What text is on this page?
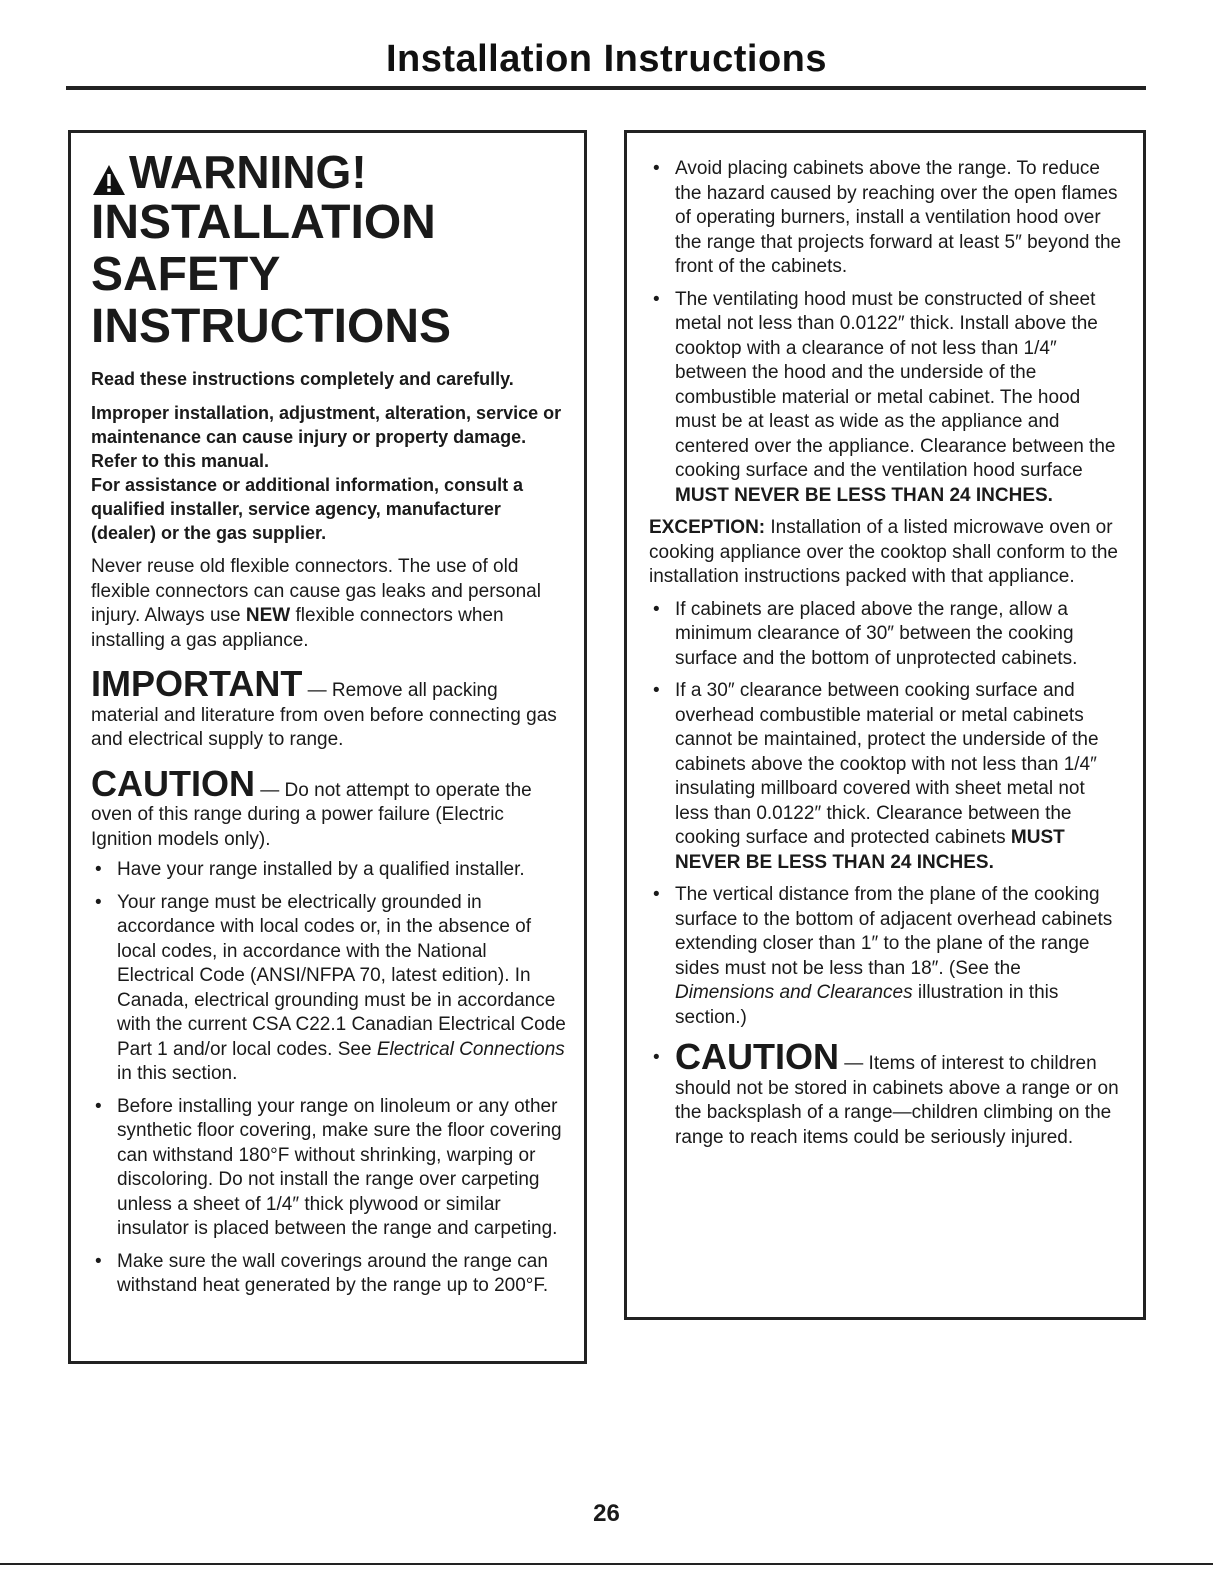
Installation Instructions
WARNING!
INSTALLATION SAFETY
INSTRUCTIONS

Read these instructions completely and carefully.

Improper installation, adjustment, alteration, service or maintenance can cause injury or property damage. Refer to this manual.

For assistance or additional information, consult a qualified installer, service agency, manufacturer (dealer) or the gas supplier.

Never reuse old flexible connectors. The use of old flexible connectors can cause gas leaks and personal injury. Always use NEW flexible connectors when installing a gas appliance.

IMPORTANT — Remove all packing material and literature from oven before connecting gas and electrical supply to range.
CAUTION — Do not attempt to operate the oven of this range during a power failure (Electric Ignition models only).
• Have your range installed by a qualified installer.
• Your range must be electrically grounded in accordance with local codes or, in the absence of local codes, in accordance with the National Electrical Code (ANSI/NFPA 70, latest edition). In Canada, electrical grounding must be in accordance with the current CSA C22.1 Canadian Electrical Code Part 1 and/or local codes. See Electrical Connections in this section.
• Before installing your range on linoleum or any other synthetic floor covering, make sure the floor covering can withstand 180°F without shrinking, warping or discoloring. Do not install the range over carpeting unless a sheet of 1/4″ thick plywood or similar insulator is placed between the range and carpeting.
• Make sure the wall coverings around the range can withstand heat generated by the range up to 200°F.
• Avoid placing cabinets above the range. To reduce the hazard caused by reaching over the open flames of operating burners, install a ventilation hood over the range that projects forward at least 5″ beyond the front of the cabinets.
• The ventilating hood must be constructed of sheet metal not less than 0.0122″ thick. Install above the cooktop with a clearance of not less than 1/4″ between the hood and the underside of the combustible material or metal cabinet. The hood must be at least as wide as the appliance and centered over the appliance. Clearance between the cooking surface and the ventilation hood surface MUST NEVER BE LESS THAN 24 INCHES.

EXCEPTION: Installation of a listed microwave oven or cooking appliance over the cooktop shall conform to the installation instructions packed with that appliance.

• If cabinets are placed above the range, allow a minimum clearance of 30″ between the cooking surface and the bottom of unprotected cabinets.
• If a 30″ clearance between cooking surface and overhead combustible material or metal cabinets cannot be maintained, protect the underside of the cabinets above the cooktop with not less than 1/4″ insulating millboard covered with sheet metal not less than 0.0122″ thick. Clearance between the cooking surface and protected cabinets MUST NEVER BE LESS THAN 24 INCHES.
• The vertical distance from the plane of the cooking surface to the bottom of adjacent overhead cabinets extending closer than 1″ to the plane of the range sides must not be less than 18″. (See the Dimensions and Clearances illustration in this section.)
• CAUTION — Items of interest to children should not be stored in cabinets above a range or on the backsplash of a range—children climbing on the range to reach items could be seriously injured.
26
